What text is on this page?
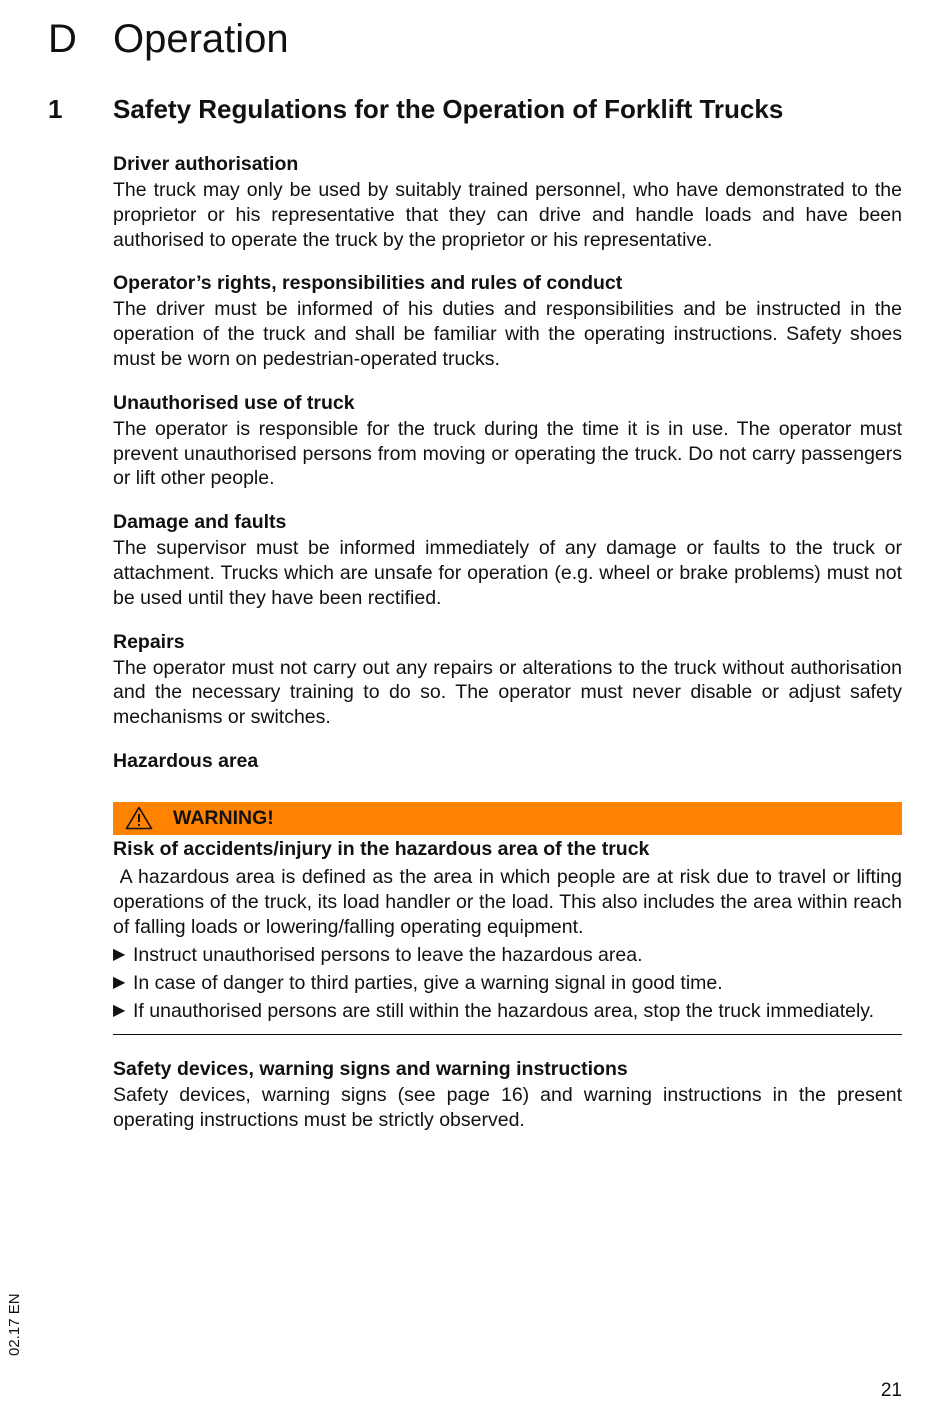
D Operation
1 Safety Regulations for the Operation of Forklift Trucks
Driver authorisation

The truck may only be used by suitably trained personnel, who have demonstrated to the proprietor or his representative that they can drive and handle loads and have been authorised to operate the truck by the proprietor or his representative.

Operator’s rights, responsibilities and rules of conduct

The driver must be informed of his duties and responsibilities and be instructed in the operation of the truck and shall be familiar with the operating instructions. Safety shoes must be worn on pedestrian-operated trucks.

Unauthorised use of truck

The operator is responsible for the truck during the time it is in use. The operator must prevent unauthorised persons from moving or operating the truck. Do not carry passengers or lift other people.

Damage and faults

The supervisor must be informed immediately of any damage or faults to the truck or attachment. Trucks which are unsafe for operation (e.g. wheel or brake problems) must not be used until they have been rectified.

Repairs

The operator must not carry out any repairs or alterations to the truck without authorisation and the necessary training to do so. The operator must never disable or adjust safety mechanisms or switches.

Hazardous area
WARNING!
Risk of accidents/injury in the hazardous area of the truck

A hazardous area is defined as the area in which people are at risk due to travel or lifting operations of the truck, its load handler or the load. This also includes the area within reach of falling loads or lowering/falling operating equipment.

▶ Instruct unauthorised persons to leave the hazardous area.
▶ In case of danger to third parties, give a warning signal in good time.
▶ If unauthorised persons are still within the hazardous area, stop the truck immediately.
Safety devices, warning signs and warning instructions

Safety devices, warning signs (see page 16) and warning instructions in the present operating instructions must be strictly observed.

02.17 EN
21
